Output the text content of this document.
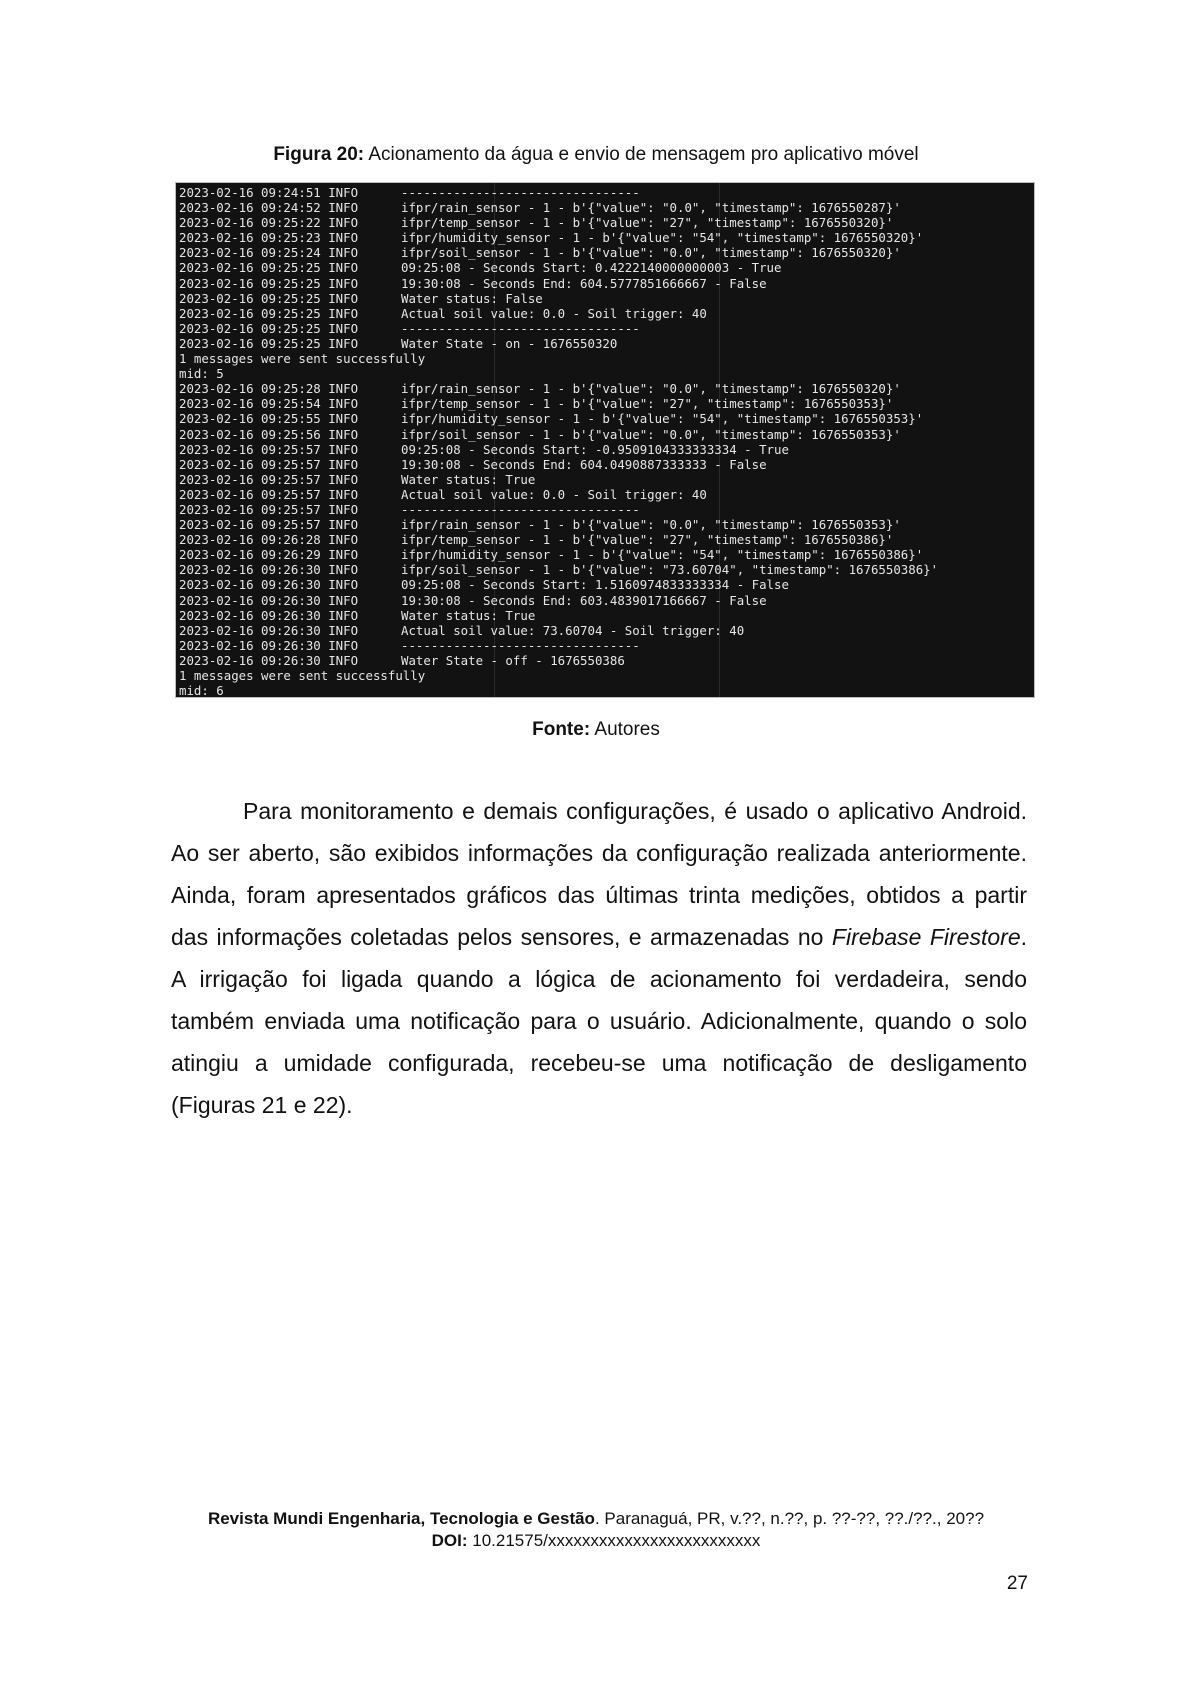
Figura 20: Acionamento da água e envio de mensagem pro aplicativo móvel
2023-02-16 09:24:51 INFO	--------------------------------
2023-02-16 09:24:52 INFO	ifpr/rain_sensor - 1 - b'{"value": "0.0", "timestamp": 1676550287}'
2023-02-16 09:25:22 INFO	ifpr/temp_sensor - 1 - b'{"value": "27", "timestamp": 1676550320}'
2023-02-16 09:25:23 INFO	ifpr/humidity_sensor - 1 - b'{"value": "54", "timestamp": 1676550320}'
2023-02-16 09:25:24 INFO	ifpr/soil_sensor - 1 - b'{"value": "0.0", "timestamp": 1676550320}'
2023-02-16 09:25:25 INFO	09:25:08 - Seconds Start: 0.4222140000000003 - True
2023-02-16 09:25:25 INFO	19:30:08 - Seconds End: 604.5777851666667 - False
2023-02-16 09:25:25 INFO	Water status: False
2023-02-16 09:25:25 INFO	Actual soil value: 0.0 - Soil trigger: 40
2023-02-16 09:25:25 INFO	--------------------------------
2023-02-16 09:25:25 INFO	Water State - on - 1676550320
1 messages were sent successfully
mid: 5
2023-02-16 09:25:28 INFO	ifpr/rain_sensor - 1 - b'{"value": "0.0", "timestamp": 1676550320}'
2023-02-16 09:25:54 INFO	ifpr/temp_sensor - 1 - b'{"value": "27", "timestamp": 1676550353}'
2023-02-16 09:25:55 INFO	ifpr/humidity_sensor - 1 - b'{"value": "54", "timestamp": 1676550353}'
2023-02-16 09:25:56 INFO	ifpr/soil_sensor - 1 - b'{"value": "0.0", "timestamp": 1676550353}'
2023-02-16 09:25:57 INFO	09:25:08 - Seconds Start: -0.9509104333333334 - True
2023-02-16 09:25:57 INFO	19:30:08 - Seconds End: 604.0490887333333 - False
2023-02-16 09:25:57 INFO	Water status: True
2023-02-16 09:25:57 INFO	Actual soil value: 0.0 - Soil trigger: 40
2023-02-16 09:25:57 INFO	--------------------------------
2023-02-16 09:25:57 INFO	ifpr/rain_sensor - 1 - b'{"value": "0.0", "timestamp": 1676550353}'
2023-02-16 09:26:28 INFO	ifpr/temp_sensor - 1 - b'{"value": "27", "timestamp": 1676550386}'
2023-02-16 09:26:29 INFO	ifpr/humidity_sensor - 1 - b'{"value": "54", "timestamp": 1676550386}'
2023-02-16 09:26:30 INFO	ifpr/soil_sensor - 1 - b'{"value": "73.60704", "timestamp": 1676550386}'
2023-02-16 09:26:30 INFO	09:25:08 - Seconds Start: 1.5160974833333334 - False
2023-02-16 09:26:30 INFO	19:30:08 - Seconds End: 603.4839017166667 - False
2023-02-16 09:26:30 INFO	Water status: True
2023-02-16 09:26:30 INFO	Actual soil value: 73.60704 - Soil trigger: 40
2023-02-16 09:26:30 INFO	--------------------------------
2023-02-16 09:26:30 INFO	Water State - off - 1676550386
1 messages were sent successfully
mid: 6
Fonte: Autores

Para monitoramento e demais configurações, é usado o aplicativo Android. Ao ser aberto, são exibidos informações da configuração realizada anteriormente. Ainda, foram apresentados gráficos das últimas trinta medições, obtidos a partir das informações coletadas pelos sensores, e armazenadas no Firebase Firestore. A irrigação foi ligada quando a lógica de acionamento foi verdadeira, sendo também enviada uma notificação para o usuário. Adicionalmente, quando o solo atingiu a umidade configurada, recebeu-se uma notificação de desligamento (Figuras 21 e 22).

Revista Mundi Engenharia, Tecnologia e Gestão. Paranaguá, PR, v.??, n.??, p. ??-??, ??./??., 20??
DOI: 10.21575/xxxxxxxxxxxxxxxxxxxxxxxxx
27
